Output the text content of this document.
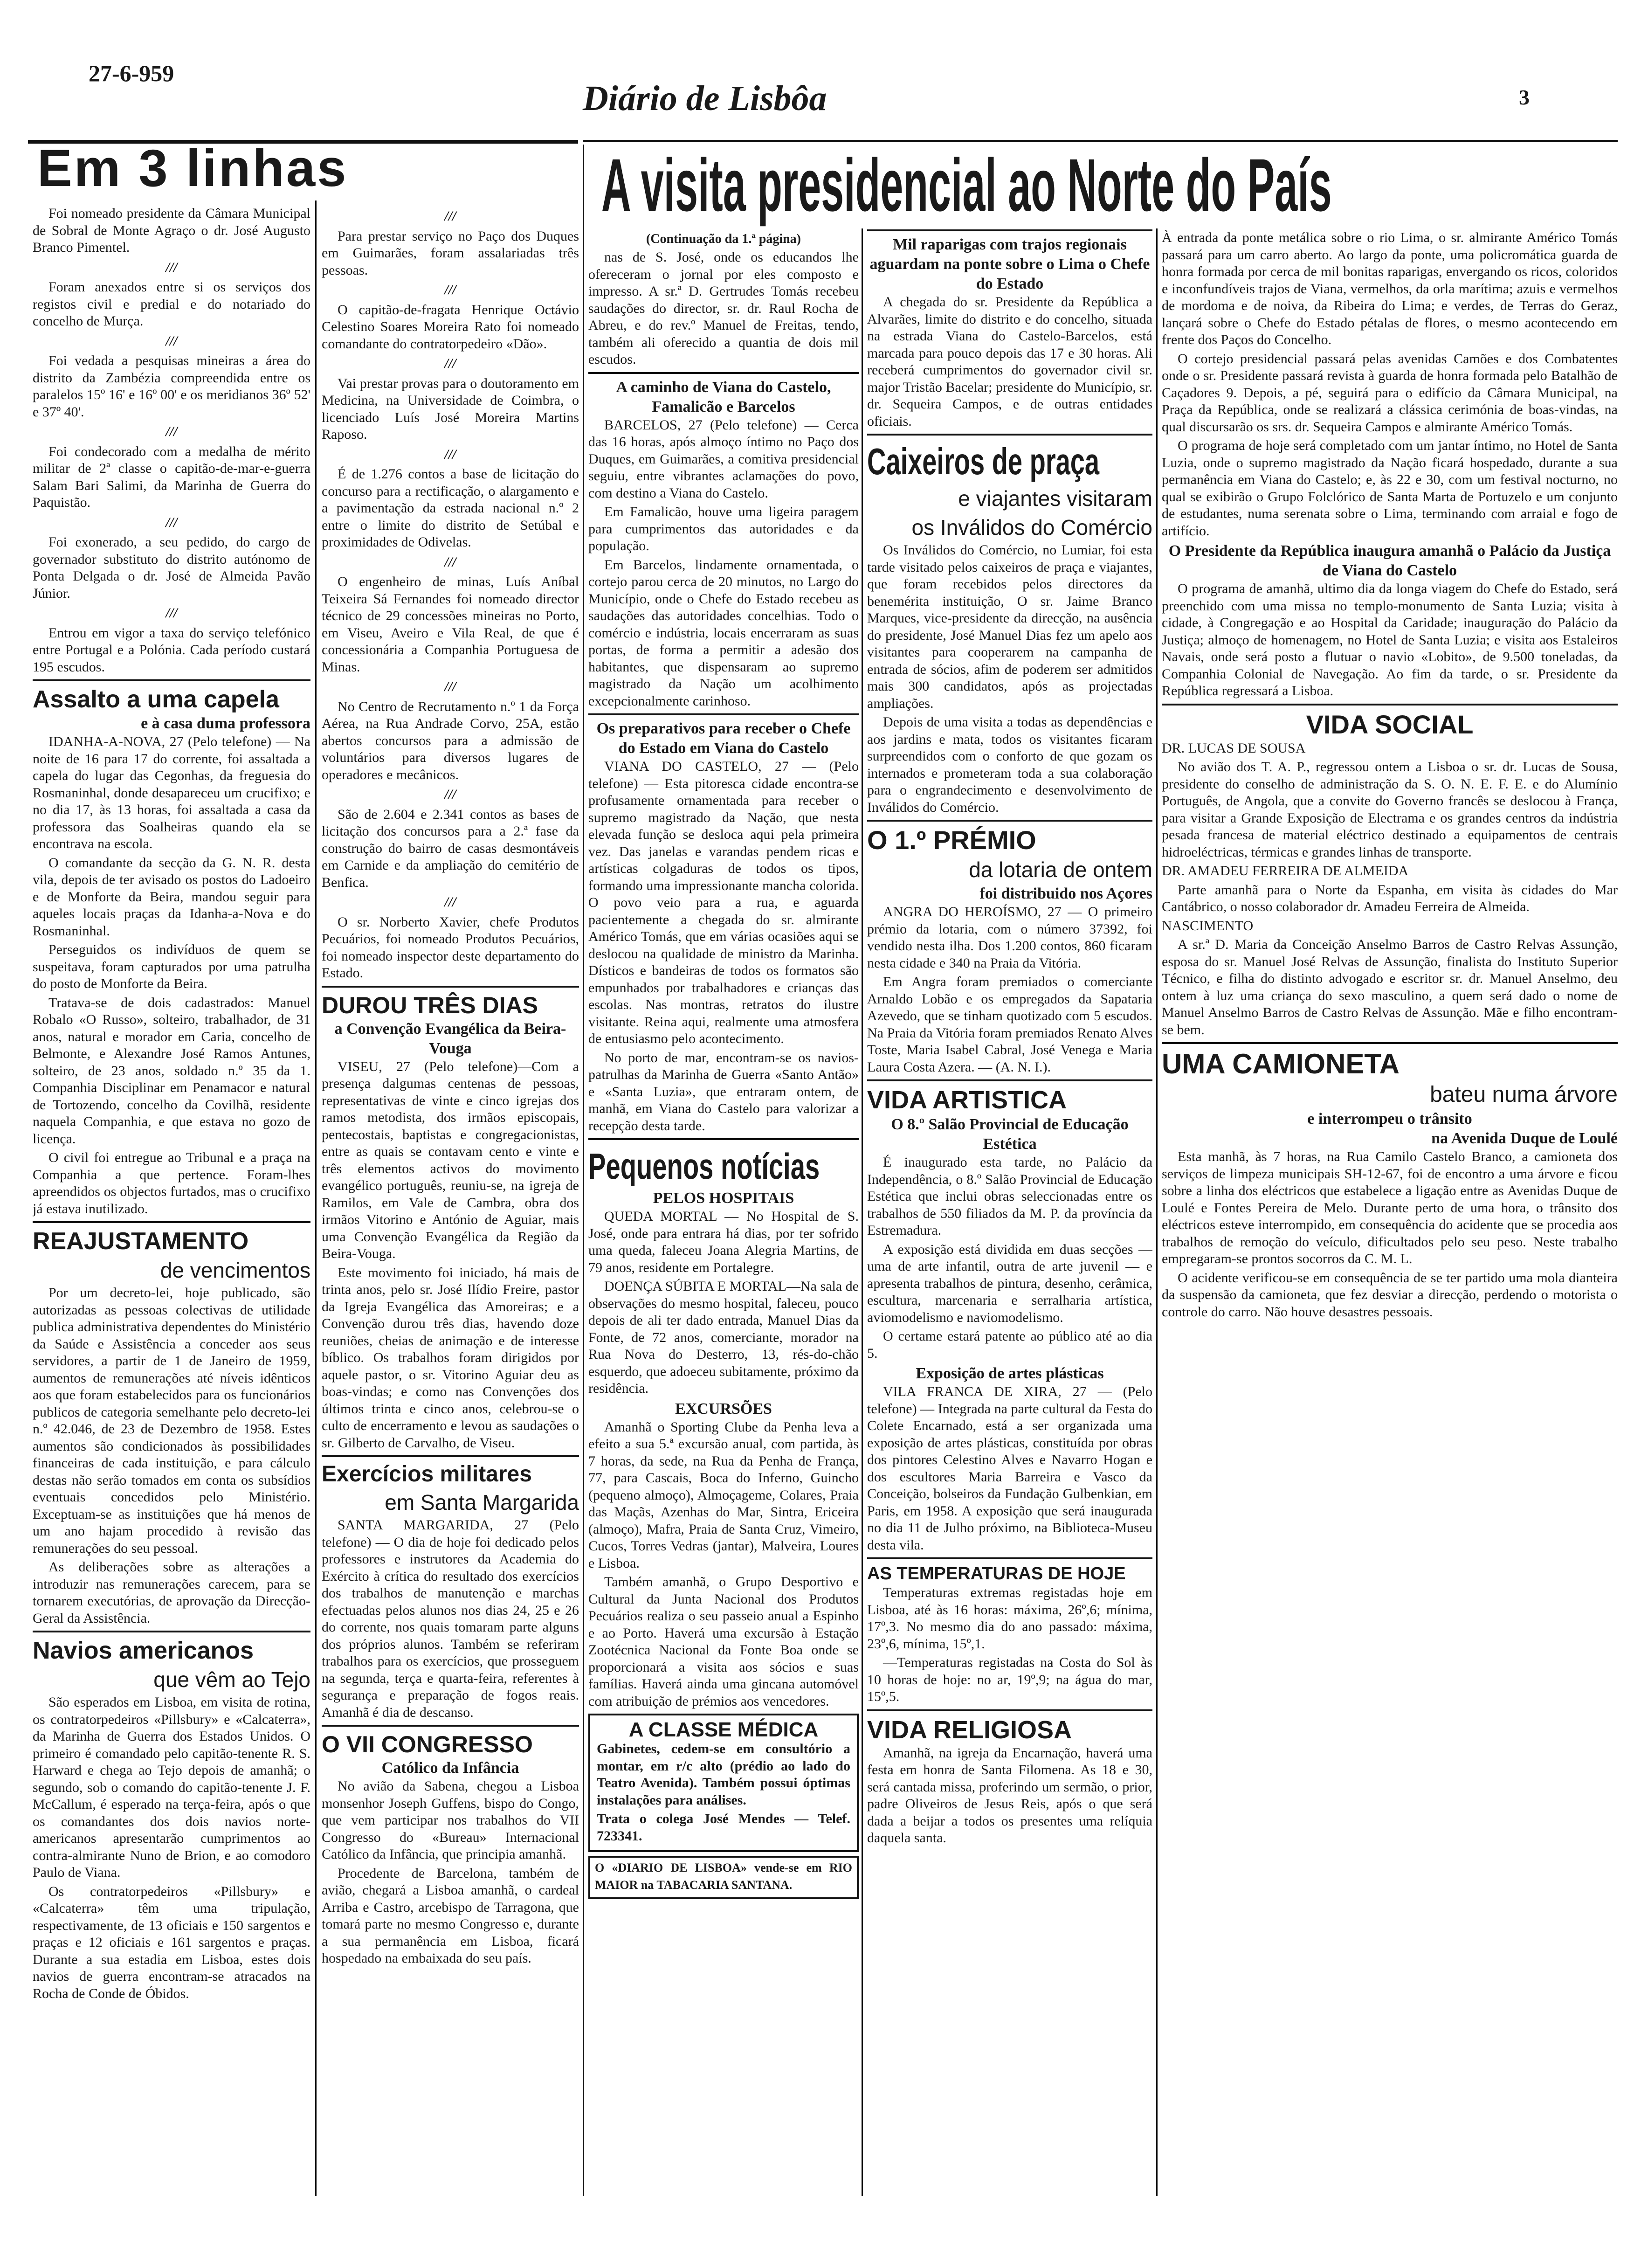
27-6-959
Diário de Lisbôa	3
Em 3 linhas

Foi nomeado presidente da Câmara Municipal de Sobral de Monte Agraço o dr. José Augusto Branco Pimentel.

///

Foram anexados entre si os serviços dos registos civil e predial e do notariado do concelho de Murça.

///

Foi vedada a pesquisas mineiras a área do distrito da Zambézia compreendida entre os paralelos 15º 16' e 16º 00' e os meridianos 36º 52' e 37º 40'.

///

Foi condecorado com a medalha de mérito militar de 2ª classe o capitão-de-mar-e-guerra Salam Bari Salimi, da Marinha de Guerra do Paquistão.

///

Foi exonerado, a seu pedido, do cargo de governador substituto do distrito autónomo de Ponta Delgada o dr. José de Almeida Pavão Júnior.

///

Entrou em vigor a taxa do serviço telefónico entre Portugal e a Polónia. Cada período custará 195 escudos.

Assalto a uma capela
e à casa duma professora

IDANHA-A-NOVA, 27 (Pelo telefone) — Na noite de 16 para 17 do corrente, foi assaltada a capela do lugar das Cegonhas, da freguesia do Rosmaninhal, donde desapareceu um crucifixo; e no dia 17, às 13 horas, foi assaltada a casa da professora das Soalheiras quando ela se encontrava na escola.

O comandante da secção da G. N. R. desta vila, depois de ter avisado os postos do Ladoeiro e de Monforte da Beira, mandou seguir para aqueles locais praças da Idanha-a-Nova e do Rosmaninhal.

Perseguidos os indivíduos de quem se suspeitava, foram capturados por uma patrulha do posto de Monforte da Beira.

Tratava-se de dois cadastrados: Manuel Robalo «O Russo», solteiro, trabalhador, de 31 anos, natural e morador em Caria, concelho de Belmonte, e Alexandre José Ramos Antunes, solteiro, de 23 anos, soldado n.º 35 da 1. Companhia Disciplinar em Penamacor e natural de Tortozendo, concelho da Covilhã, residente naquela Companhia, e que estava no gozo de licença.

O civil foi entregue ao Tribunal e a praça na Companhia a que pertence. Foram-lhes apreendidos os objectos furtados, mas o crucifixo já estava inutilizado.

REAJUSTAMENTO
de vencimentos

Por um decreto-lei, hoje publicado, são autorizadas as pessoas colectivas de utilidade publica administrativa dependentes do Ministério da Saúde e Assistência a conceder aos seus servidores, a partir de 1 de Janeiro de 1959, aumentos de remunerações até níveis idênticos aos que foram estabelecidos para os funcionários publicos de categoria semelhante pelo decreto-lei n.º 42.046, de 23 de Dezembro de 1958. Estes aumentos são condicionados às possibilidades financeiras de cada instituição, e para cálculo destas não serão tomados em conta os subsídios eventuais concedidos pelo Ministério. Exceptuam-se as instituições que há menos de um ano hajam procedido à revisão das remunerações do seu pessoal.

As deliberações sobre as alterações a introduzir nas remunerações carecem, para se tornarem executórias, de aprovação da Direcção-Geral da Assistência.

Navios americanos
que vêm ao Tejo

São esperados em Lisboa, em visita de rotina, os contratorpedeiros «Pillsbury» e «Calcaterra», da Marinha de Guerra dos Estados Unidos. O primeiro é comandado pelo capitão-tenente R. S. Harward e chega ao Tejo depois de amanhã; o segundo, sob o comando do capitão-tenente J. F. McCallum, é esperado na terça-feira, após o que os comandantes dos dois navios norte-americanos apresentarão cumprimentos ao contra-almirante Nuno de Brion, e ao comodoro Paulo de Viana.

Os contratorpedeiros «Pillsbury» e «Calcaterra» têm uma tripulação, respectivamente, de 13 oficiais e 150 sargentos e praças e 12 oficiais e 161 sargentos e praças. Durante a sua estadia em Lisboa, estes dois navios de guerra encontram-se atracados na Rocha de Conde de Óbidos.

///

Para prestar serviço no Paço dos Duques em Guimarães, foram assalariadas três pessoas.

///

O capitão-de-fragata Henrique Octávio Celestino Soares Moreira Rato foi nomeado comandante do contratorpedeiro «Dão».

///

Vai prestar provas para o doutoramento em Medicina, na Universidade de Coimbra, o licenciado Luís José Moreira Martins Raposo.

///

É de 1.276 contos a base de licitação do concurso para a rectificação, o alargamento e a pavimentação da estrada nacional n.º 2 entre o limite do distrito de Setúbal e proximidades de Odivelas.

///

O engenheiro de minas, Luís Aníbal Teixeira Sá Fernandes foi nomeado director técnico de 29 concessões mineiras no Porto, em Viseu, Aveiro e Vila Real, de que é concessionária a Companhia Portuguesa de Minas.

///

No Centro de Recrutamento n.º 1 da Força Aérea, na Rua Andrade Corvo, 25A, estão abertos concursos para a admissão de voluntários para diversos lugares de operadores e mecânicos.

///

São de 2.604 e 2.341 contos as bases de licitação dos concursos para a 2.ª fase da construção do bairro de casas desmontáveis em Carnide e da ampliação do cemitério de Benfica.

///

O sr. Norberto Xavier, chefe Produtos Pecuários, foi nomeado Produtos Pecuários, foi nomeado inspector deste departamento do Estado.

DUROU TRÊS DIAS
a Convenção Evangélica da Beira-Vouga

VISEU, 27 (Pelo telefone)—Com a presença dalgumas centenas de pessoas, representativas de vinte e cinco igrejas dos ramos metodista, dos irmãos episcopais, pentecostais, baptistas e congregacionistas, entre as quais se contavam cento e vinte e três elementos activos do movimento evangélico português, reuniu-se, na igreja de Ramilos, em Vale de Cambra, obra dos irmãos Vitorino e António de Aguiar, mais uma Convenção Evangélica da Região da Beira-Vouga.

Este movimento foi iniciado, há mais de trinta anos, pelo sr. José Ilídio Freire, pastor da Igreja Evangélica das Amoreiras; e a Convenção durou três dias, havendo doze reuniões, cheias de animação e de interesse bíblico. Os trabalhos foram dirigidos por aquele pastor, o sr. Vitorino Aguiar deu as boas-vindas; e como nas Convenções dos últimos trinta e cinco anos, celebrou-se o culto de encerramento e levou as saudações o sr. Gilberto de Carvalho, de Viseu.

Exercícios militares
em Santa Margarida

SANTA MARGARIDA, 27 (Pelo telefone) — O dia de hoje foi dedicado pelos professores e instrutores da Academia do Exército à crítica do resultado dos exercícios dos trabalhos de manutenção e marchas efectuadas pelos alunos nos dias 24, 25 e 26 do corrente, nos quais tomaram parte alguns dos próprios alunos. Também se referiram trabalhos para os exercícios, que prosseguem na segunda, terça e quarta-feira, referentes à segurança e preparação de fogos reais. Amanhã é dia de descanso.

O VII CONGRESSO
Católico da Infância

No avião da Sabena, chegou a Lisboa monsenhor Joseph Guffens, bispo do Congo, que vem participar nos trabalhos do VII Congresso do «Bureau» Internacional Católico da Infância, que principia amanhã.

Procedente de Barcelona, também de avião, chegará a Lisboa amanhã, o cardeal Arriba e Castro, arcebispo de Tarragona, que tomará parte no mesmo Congresso e, durante a sua permanência em Lisboa, ficará hospedado na embaixada do seu país.

A visita presidencial ao Norte do País
(Continuação da 1.ª página)

nas de S. José, onde os educandos lhe ofereceram o jornal por eles composto e impresso. A sr.ª D. Gertrudes Tomás recebeu saudações do director, sr. dr. Raul Rocha de Abreu, e do rev.º Manuel de Freitas, tendo, também ali oferecido a quantia de dois mil escudos.

A caminho de Viana do Castelo, Famalicão e Barcelos

BARCELOS, 27 (Pelo telefone) — Cerca das 16 horas, após almoço íntimo no Paço dos Duques, em Guimarães, a comitiva presidencial seguiu, entre vibrantes aclamações do povo, com destino a Viana do Castelo.

Em Famalicão, houve uma ligeira paragem para cumprimentos das autoridades e da população.

Em Barcelos, lindamente ornamentada, o cortejo parou cerca de 20 minutos, no Largo do Município, onde o Chefe do Estado recebeu as saudações das autoridades concelhias. Todo o comércio e indústria, locais encerraram as suas portas, de forma a permitir a adesão dos habitantes, que dispensaram ao supremo magistrado da Nação um acolhimento excepcionalmente carinhoso.

Os preparativos para receber o Chefe do Estado em Viana do Castelo

VIANA DO CASTELO, 27 — (Pelo telefone) — Esta pitoresca cidade encontra-se profusamente ornamentada para receber o supremo magistrado da Nação, que nesta elevada função se desloca aqui pela primeira vez. Das janelas e varandas pendem ricas e artísticas colgaduras de todos os tipos, formando uma impressionante mancha colorida. O povo veio para a rua, e aguarda pacientemente a chegada do sr. almirante Américo Tomás, que em várias ocasiões aqui se deslocou na qualidade de ministro da Marinha. Dísticos e bandeiras de todos os formatos são empunhados por trabalhadores e crianças das escolas. Nas montras, retratos do ilustre visitante. Reina aqui, realmente uma atmosfera de entusiasmo pelo acontecimento.

No porto de mar, encontram-se os navios-patrulhas da Marinha de Guerra «Santo Antão» e «Santa Luzia», que entraram ontem, de manhã, em Viana do Castelo para valorizar a recepção desta tarde.

Pequenos notícias
PELOS HOSPITAIS

QUEDA MORTAL — No Hospital de S. José, onde para entrara há dias, por ter sofrido uma queda, faleceu Joana Alegria Martins, de 79 anos, residente em Portalegre.

DOENÇA SÚBITA E MORTAL—Na sala de observações do mesmo hospital, faleceu, pouco depois de ali ter dado entrada, Manuel Dias da Fonte, de 72 anos, comerciante, morador na Rua Nova do Desterro, 13, rés-do-chão esquerdo, que adoeceu subitamente, próximo da residência.

EXCURSÕES

Amanhã o Sporting Clube da Penha leva a efeito a sua 5.ª excursão anual, com partida, às 7 horas, da sede, na Rua da Penha de França, 77, para Cascais, Boca do Inferno, Guincho (pequeno almoço), Almoçageme, Colares, Praia das Maçãs, Azenhas do Mar, Sintra, Ericeira (almoço), Mafra, Praia de Santa Cruz, Vimeiro, Cucos, Torres Vedras (jantar), Malveira, Loures e Lisboa.

Também amanhã, o Grupo Desportivo e Cultural da Junta Nacional dos Produtos Pecuários realiza o seu passeio anual a Espinho e ao Porto. Haverá uma excursão à Estação Zootécnica Nacional da Fonte Boa onde se proporcionará a visita aos sócios e suas famílias. Haverá ainda uma gincana automóvel com atribuição de prémios aos vencedores.

A CLASSE MÉDICA

Gabinetes, cedem-se em consultório a montar, em r/c alto (prédio ao lado do Teatro Avenida). Também possui óptimas instalações para análises.

Trata o colega José Mendes — Telef. 723341.

O «DIARIO DE LISBOA» vende-se em RIO MAIOR na TABACARIA SANTANA.

Mil raparigas com trajos regionais aguardam na ponte sobre o Lima o Chefe do Estado

A chegada do sr. Presidente da República a Alvarães, limite do distrito e do concelho, situada na estrada Viana do Castelo-Barcelos, está marcada para pouco depois das 17 e 30 horas. Ali receberá cumprimentos do governador civil sr. major Tristão Bacelar; presidente do Município, sr. dr. Sequeira Campos, e de outras entidades oficiais.

Caixeiros de praça
e viajantes visitaram
os Inválidos do Comércio

Os Inválidos do Comércio, no Lumiar, foi esta tarde visitado pelos caixeiros de praça e viajantes, que foram recebidos pelos directores da benemérita instituição, O sr. Jaime Branco Marques, vice-presidente da direcção, na ausência do presidente, José Manuel Dias fez um apelo aos visitantes para cooperarem na campanha de entrada de sócios, afim de poderem ser admitidos mais 300 candidatos, após as projectadas ampliações.

Depois de uma visita a todas as dependências e aos jardins e mata, todos os visitantes ficaram surpreendidos com o conforto de que gozam os internados e prometeram toda a sua colaboração para o engrandecimento e desenvolvimento de Inválidos do Comércio.

O 1.º PRÉMIO
da lotaria de ontem
foi distribuido nos Açores

ANGRA DO HEROÍSMO, 27 — O primeiro prémio da lotaria, com o número 37392, foi vendido nesta ilha. Dos 1.200 contos, 860 ficaram nesta cidade e 340 na Praia da Vitória.

Em Angra foram premiados o comerciante Arnaldo Lobão e os empregados da Sapataria Azevedo, que se tinham quotizado com 5 escudos. Na Praia da Vitória foram premiados Renato Alves Toste, Maria Isabel Cabral, José Venega e Maria Laura Costa Azera. — (A. N. I.).

VIDA ARTISTICA
O 8.º Salão Provincial de Educação Estética

É inaugurado esta tarde, no Palácio da Independência, o 8.º Salão Provincial de Educação Estética que inclui obras seleccionadas entre os trabalhos de 550 filiados da M. P. da província da Estremadura.

A exposição está dividida em duas secções — uma de arte infantil, outra de arte juvenil — e apresenta trabalhos de pintura, desenho, cerâmica, escultura, marcenaria e serralharia artística, aviomodelismo e naviomodelismo.

O certame estará patente ao público até ao dia 5.

Exposição de artes plásticas

VILA FRANCA DE XIRA, 27 — (Pelo telefone) — Integrada na parte cultural da Festa do Colete Encarnado, está a ser organizada uma exposição de artes plásticas, constituída por obras dos pintores Celestino Alves e Navarro Hogan e dos escultores Maria Barreira e Vasco da Conceição, bolseiros da Fundação Gulbenkian, em Paris, em 1958. A exposição que será inaugurada no dia 11 de Julho próximo, na Biblioteca-Museu desta vila.

AS TEMPERATURAS DE HOJE

Temperaturas extremas registadas hoje em Lisboa, até às 16 horas: máxima, 26º,6; mínima, 17º,3. No mesmo dia do ano passado: máxima, 23º,6, mínima, 15º,1.

—Temperaturas registadas na Costa do Sol às 10 horas de hoje: no ar, 19º,9; na água do mar, 15º,5.

VIDA RELIGIOSA

Amanhã, na igreja da Encarnação, haverá uma festa em honra de Santa Filomena. As 18 e 30, será cantada missa, proferindo um sermão, o prior, padre Oliveiros de Jesus Reis, após o que será dada a beijar a todos os presentes uma relíquia daquela santa.

À entrada da ponte metálica sobre o rio Lima, o sr. almirante Américo Tomás passará para um carro aberto. Ao largo da ponte, uma policromática guarda de honra formada por cerca de mil bonitas raparigas, envergando os ricos, coloridos e inconfundíveis trajos de Viana, vermelhos, da orla marítima; azuis e vermelhos de mordoma e de noiva, da Ribeira do Lima; e verdes, de Terras do Geraz, lançará sobre o Chefe do Estado pétalas de flores, o mesmo acontecendo em frente dos Paços do Concelho.

O cortejo presidencial passará pelas avenidas Camões e dos Combatentes onde o sr. Presidente passará revista à guarda de honra formada pelo Batalhão de Caçadores 9. Depois, a pé, seguirá para o edifício da Câmara Municipal, na Praça da República, onde se realizará a clássica cerimónia de boas-vindas, na qual discursarão os srs. dr. Sequeira Campos e almirante Américo Tomás.

O programa de hoje será completado com um jantar íntimo, no Hotel de Santa Luzia, onde o supremo magistrado da Nação ficará hospedado, durante a sua permanência em Viana do Castelo; e, às 22 e 30, com um festival nocturno, no qual se exibirão o Grupo Folclórico de Santa Marta de Portuzelo e um conjunto de estudantes, numa serenata sobre o Lima, terminando com arraial e fogo de artifício.

O Presidente da República inaugura amanhã o Palácio da Justiça de Viana do Castelo

O programa de amanhã, ultimo dia da longa viagem do Chefe do Estado, será preenchido com uma missa no templo-monumento de Santa Luzia; visita à cidade, à Congregação e ao Hospital da Caridade; inauguração do Palácio da Justiça; almoço de homenagem, no Hotel de Santa Luzia; e visita aos Estaleiros Navais, onde será posto a flutuar o navio «Lobito», de 9.500 toneladas, da Companhia Colonial de Navegação. Ao fim da tarde, o sr. Presidente da República regressará a Lisboa.

VIDA SOCIAL

DR. LUCAS DE SOUSA

No avião dos T. A. P., regressou ontem a Lisboa o sr. dr. Lucas de Sousa, presidente do conselho de administração da S. O. N. E. F. E. e do Alumínio Português, de Angola, que a convite do Governo francês se deslocou à França, para visitar a Grande Exposição de Electrama e os grandes centros da indústria pesada francesa de material eléctrico destinado a equipamentos de centrais hidroeléctricas, térmicas e grandes linhas de transporte.

DR. AMADEU FERREIRA DE ALMEIDA

Parte amanhã para o Norte da Espanha, em visita às cidades do Mar Cantábrico, o nosso colaborador dr. Amadeu Ferreira de Almeida.

NASCIMENTO

A sr.ª D. Maria da Conceição Anselmo Barros de Castro Relvas Assunção, esposa do sr. Manuel José Relvas de Assunção, finalista do Instituto Superior Técnico, e filha do distinto advogado e escritor sr. dr. Manuel Anselmo, deu ontem à luz uma criança do sexo masculino, a quem será dado o nome de Manuel Anselmo Barros de Castro Relvas de Assunção. Mãe e filho encontram-se bem.

UMA CAMIONETA
bateu numa árvore
e interrompeu o trânsito
na Avenida Duque de Loulé

Esta manhã, às 7 horas, na Rua Camilo Castelo Branco, a camioneta dos serviços de limpeza municipais SH-12-67, foi de encontro a uma árvore e ficou sobre a linha dos eléctricos que estabelece a ligação entre as Avenidas Duque de Loulé e Fontes Pereira de Melo. Durante perto de uma hora, o trânsito dos eléctricos esteve interrompido, em consequência do acidente que se procedia aos trabalhos de remoção do veículo, dificultados pelo seu peso. Neste trabalho empregaram-se prontos socorros da C. M. L.

O acidente verificou-se em consequência de se ter partido uma mola dianteira da suspensão da camioneta, que fez desviar a direcção, perdendo o motorista o controle do carro. Não houve desastres pessoais.
